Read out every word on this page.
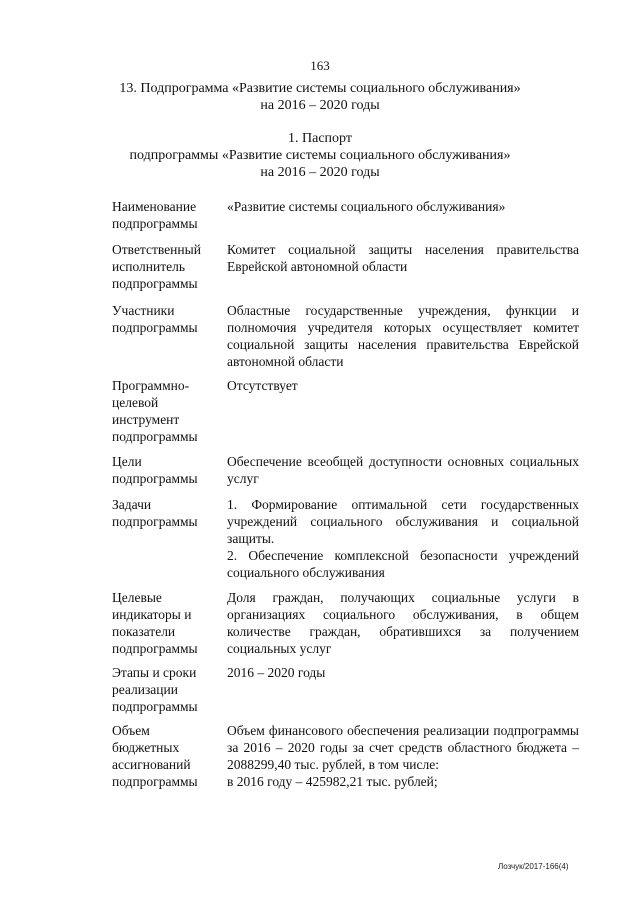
163
13. Подпрограмма «Развитие системы социального обслуживания»
на 2016 – 2020 годы
1. Паспорт
подпрограммы «Развитие системы социального обслуживания»
на 2016 – 2020 годы
Наименование
подпрограммы

«Развитие системы социального обслуживания»

Ответственный
исполнитель
подпрограммы

Комитет социальной защиты населения правительства Еврейской автономной области

Участники
подпрограммы

Областные государственные учреждения, функции и полномочия учредителя которых осуществляет комитет социальной защиты населения правительства Еврейской автономной области

Программно-
целевой
инструмент
подпрограммы

Отсутствует

Цели
подпрограммы

Обеспечение всеобщей доступности основных социальных услуг

Задачи
подпрограммы

1. Формирование оптимальной сети государственных учреждений социального обслуживания и социальной защиты.

2. Обеспечение комплексной безопасности учреждений социального обслуживания

Целевые
индикаторы и
показатели
подпрограммы

Доля граждан, получающих социальные услуги в организациях социального обслуживания, в общем количестве граждан, обратившихся за получением социальных услуг

Этапы и сроки
реализации
подпрограммы

2016 – 2020 годы

Объем
бюджетных
ассигнований
подпрограммы

Объем финансового обеспечения реализации подпрограммы за 2016 – 2020 годы за счет средств областного бюджета – 2088299,40 тыс. рублей, в том числе:

в 2016 году – 425982,21 тыс. рублей;

Лозчук/2017-166(4)
